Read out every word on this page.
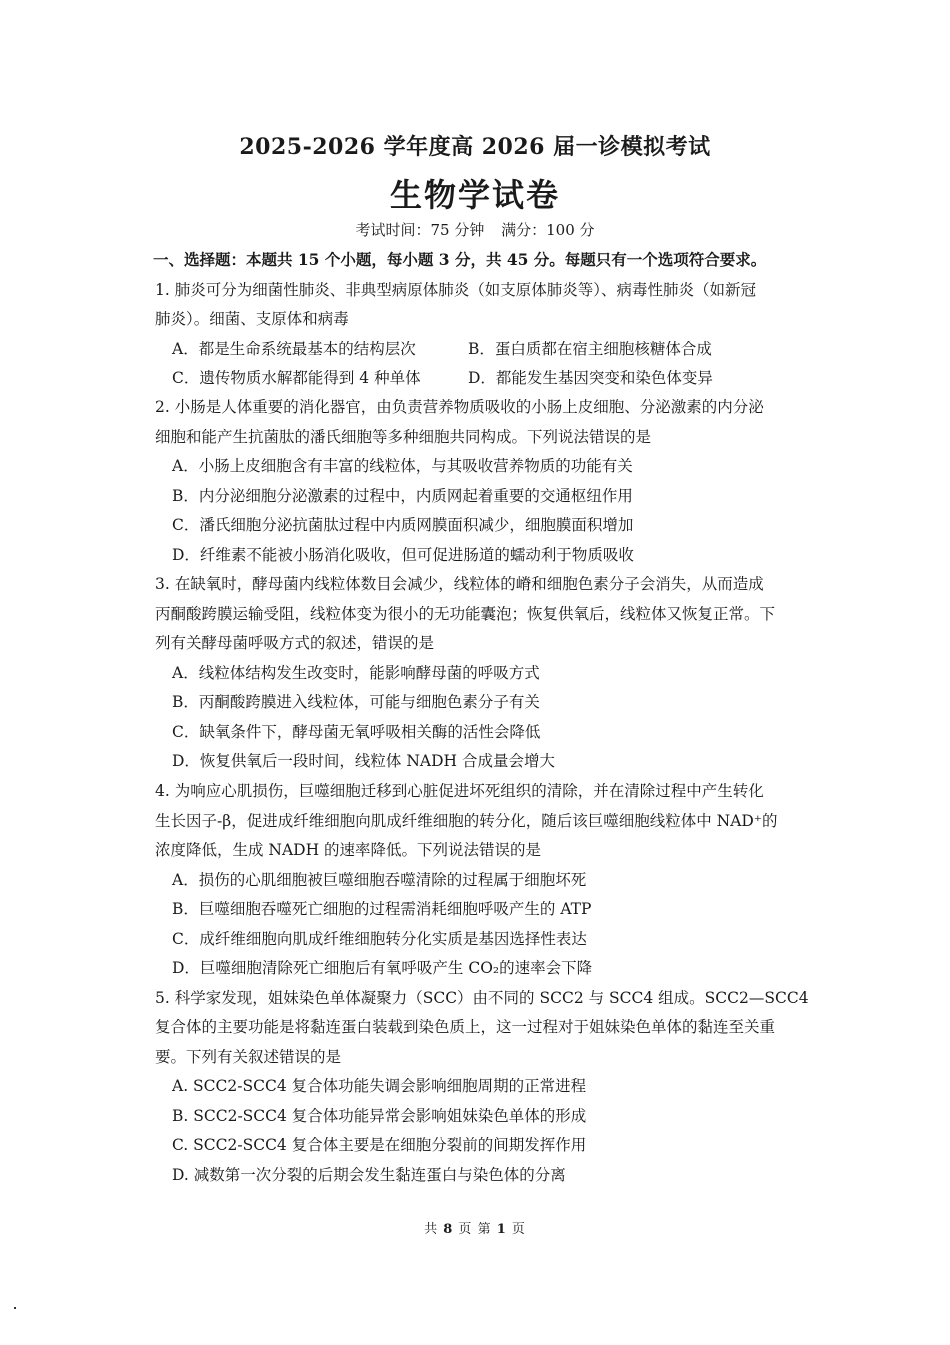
2025-2026 学年度高 2026 届一诊模拟考试
生物学试卷
考试时间：75 分钟 满分：100 分
一、选择题：本题共 15 个小题，每小题 3 分，共 45 分。每题只有一个选项符合要求。
1. 肺炎可分为细菌性肺炎、非典型病原体肺炎（如支原体肺炎等）、病毒性肺炎（如新冠
肺炎）。细菌、支原体和病毒
A．都是生命系统最基本的结构层次	B．蛋白质都在宿主细胞核糖体合成
C．遗传物质水解都能得到 4 种单体	D．都能发生基因突变和染色体变异
2. 小肠是人体重要的消化器官，由负责营养物质吸收的小肠上皮细胞、分泌激素的内分泌
细胞和能产生抗菌肽的潘氏细胞等多种细胞共同构成。下列说法错误的是
A．小肠上皮细胞含有丰富的线粒体，与其吸收营养物质的功能有关
B．内分泌细胞分泌激素的过程中，内质网起着重要的交通枢纽作用
C．潘氏细胞分泌抗菌肽过程中内质网膜面积减少，细胞膜面积增加
D．纤维素不能被小肠消化吸收，但可促进肠道的蠕动利于物质吸收
3. 在缺氧时，酵母菌内线粒体数目会减少，线粒体的嵴和细胞色素分子会消失，从而造成
丙酮酸跨膜运输受阻，线粒体变为很小的无功能囊泡；恢复供氧后，线粒体又恢复正常。下
列有关酵母菌呼吸方式的叙述，错误的是
A．线粒体结构发生改变时，能影响酵母菌的呼吸方式
B．丙酮酸跨膜进入线粒体，可能与细胞色素分子有关
C．缺氧条件下，酵母菌无氧呼吸相关酶的活性会降低
D．恢复供氧后一段时间，线粒体 NADH 合成量会增大
4. 为响应心肌损伤，巨噬细胞迁移到心脏促进坏死组织的清除，并在清除过程中产生转化
生长因子-β，促进成纤维细胞向肌成纤维细胞的转分化，随后该巨噬细胞线粒体中 NAD⁺的
浓度降低，生成 NADH 的速率降低。下列说法错误的是
A．损伤的心肌细胞被巨噬细胞吞噬清除的过程属于细胞坏死
B．巨噬细胞吞噬死亡细胞的过程需消耗细胞呼吸产生的 ATP
C．成纤维细胞向肌成纤维细胞转分化实质是基因选择性表达
D．巨噬细胞清除死亡细胞后有氧呼吸产生 CO₂的速率会下降
5. 科学家发现，姐妹染色单体凝聚力（SCC）由不同的 SCC2 与 SCC4 组成。SCC2—SCC4
复合体的主要功能是将黏连蛋白装载到染色质上，这一过程对于姐妹染色单体的黏连至关重
要。下列有关叙述错误的是
A. SCC2-SCC4 复合体功能失调会影响细胞周期的正常进程
B. SCC2-SCC4 复合体功能异常会影响姐妹染色单体的形成
C. SCC2-SCC4 复合体主要是在细胞分裂前的间期发挥作用
D. 减数第一次分裂的后期会发生黏连蛋白与染色体的分离
共 8 页 第 1 页
